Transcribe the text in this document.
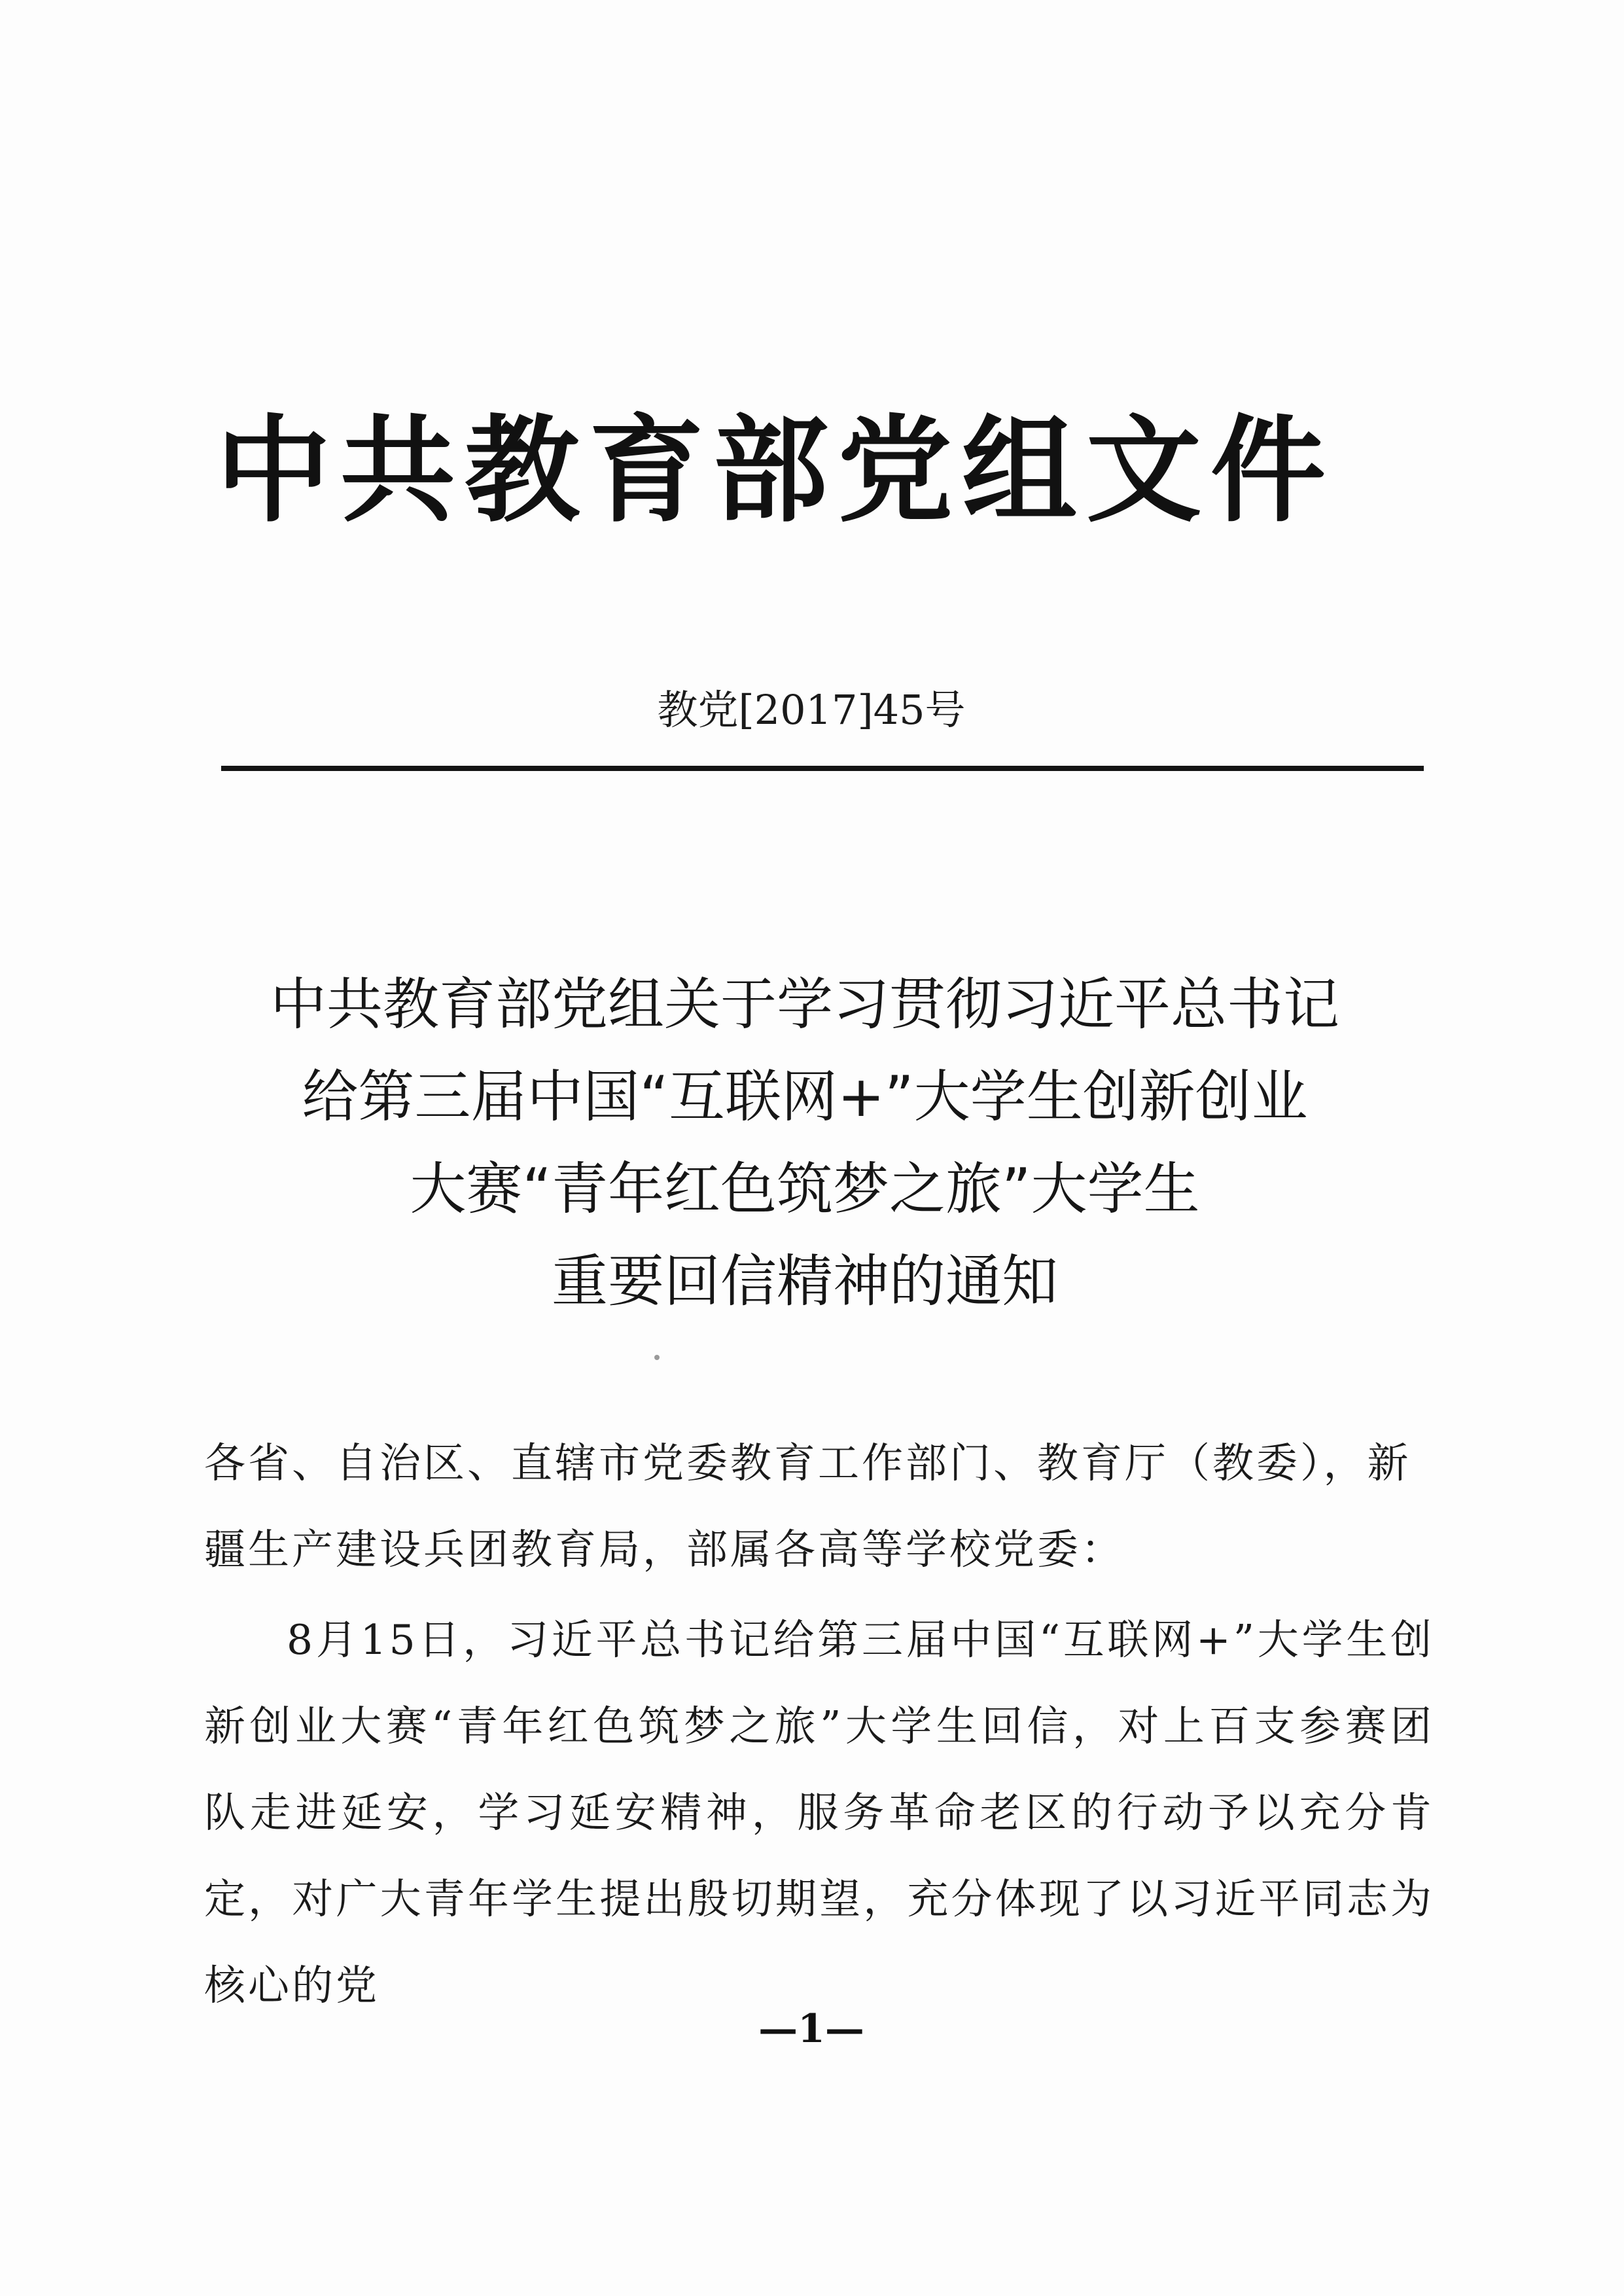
中共教育部党组文件
教党[2017]45号
中共教育部党组关于学习贯彻习近平总书记
给第三届中国“互联网+”大学生创新创业
大赛“青年红色筑梦之旅”大学生
重要回信精神的通知
各省、自治区、直辖市党委教育工作部门、教育厅（教委），新疆生产建设兵团教育局，部属各高等学校党委：
8月15日，习近平总书记给第三届中国“互联网+”大学生创新创业大赛“青年红色筑梦之旅”大学生回信，对上百支参赛团队走进延安，学习延安精神，服务革命老区的行动予以充分肯定，对广大青年学生提出殷切期望，充分体现了以习近平同志为核心的党
—1—
